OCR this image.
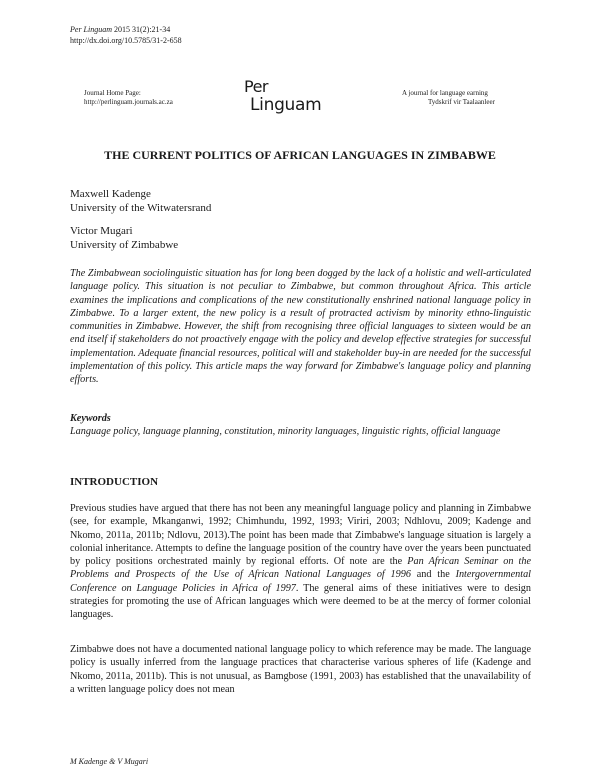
Per Linguam 2015 31(2):21-34
http://dx.doi.org/10.5785/31-2-658
Journal Home Page:
http://perlinguam.journals.ac.za
Per
Linguam
A journal for language earning
Tydskrif vir Taalaanleer
THE CURRENT POLITICS OF AFRICAN LANGUAGES IN ZIMBABWE
Maxwell Kadenge
University of the Witwatersrand
Victor Mugari
University of Zimbabwe

The Zimbabwean sociolinguistic situation has for long been dogged by the lack of a holistic and well-articulated language policy. This situation is not peculiar to Zimbabwe, but common throughout Africa. This article examines the implications and complications of the new constitutionally enshrined national language policy in Zimbabwe. To a larger extent, the new policy is a result of protracted activism by minority ethno-linguistic communities in Zimbabwe. However, the shift from recognising three official languages to sixteen would be an end itself if stakeholders do not proactively engage with the policy and develop effective strategies for successful implementation. Adequate financial resources, political will and stakeholder buy-in are needed for the successful implementation of this policy. This article maps the way forward for Zimbabwe's language policy and planning efforts.

Keywords
Language policy, language planning, constitution, minority languages, linguistic rights, official language
INTRODUCTION

Previous studies have argued that there has not been any meaningful language policy and planning in Zimbabwe (see, for example, Mkanganwi, 1992; Chimhundu, 1992, 1993; Viriri, 2003; Ndhlovu, 2009; Kadenge and Nkomo, 2011a, 2011b; Ndlovu, 2013).The point has been made that Zimbabwe's language situation is largely a colonial inheritance. Attempts to define the language position of the country have over the years been punctuated by policy positions orchestrated mainly by regional efforts. Of note are the Pan African Seminar on the Problems and Prospects of the Use of African National Languages of 1996 and the Intergovernmental Conference on Language Policies in Africa of 1997. The general aims of these initiatives were to design strategies for promoting the use of African languages which were deemed to be at the mercy of former colonial languages.

Zimbabwe does not have a documented national language policy to which reference may be made. The language policy is usually inferred from the language practices that characterise various spheres of life (Kadenge and Nkomo, 2011a, 2011b). This is not unusual, as Bamgbose (1991, 2003) has established that the unavailability of a written language policy does not mean

M Kadenge & V Mugari
